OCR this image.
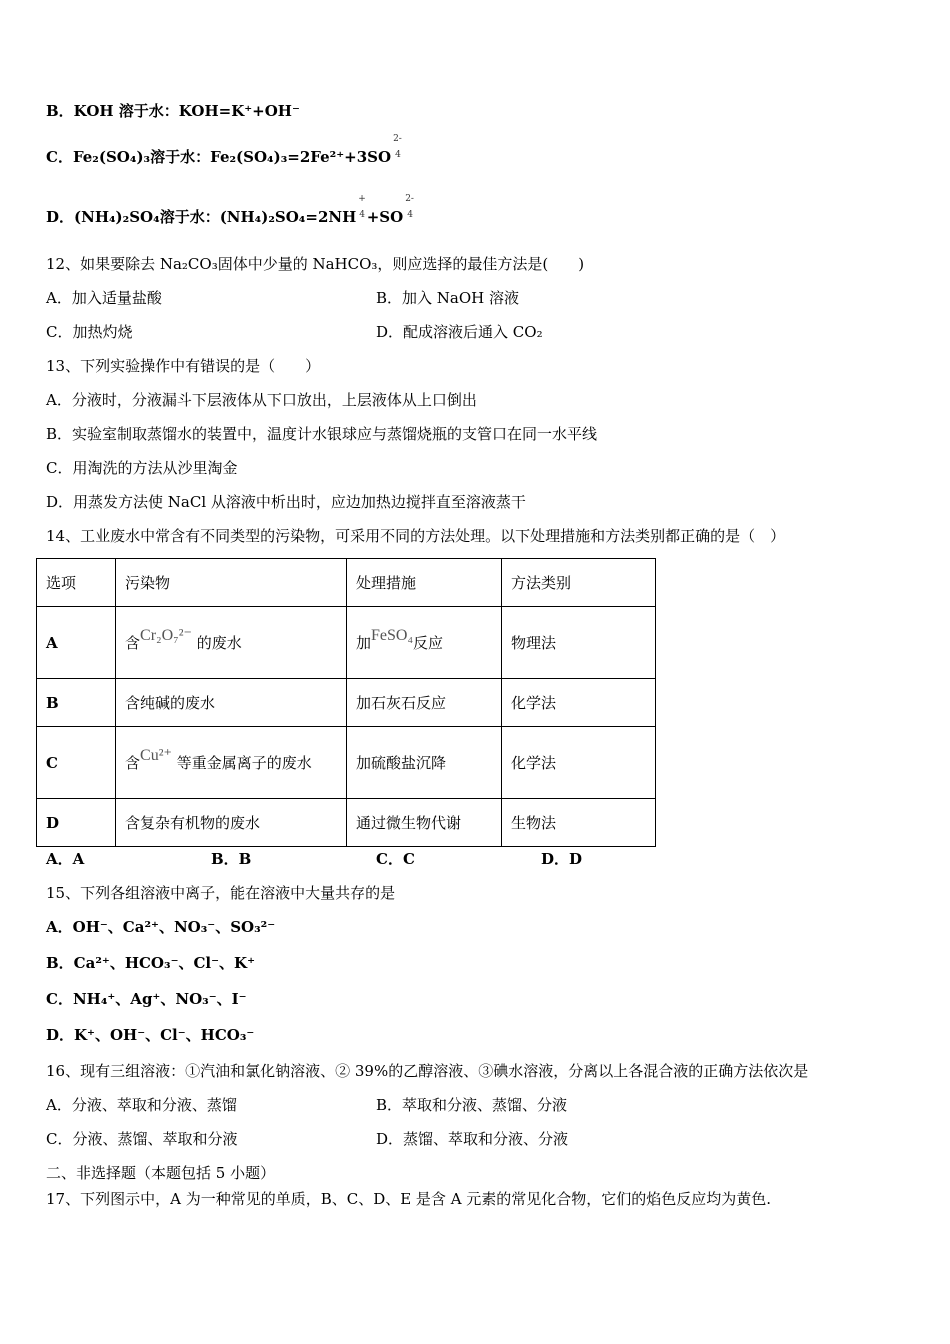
B．KOH 溶于水：KOH=K⁺+OH⁻
C．Fe₂(SO₄)₃溶于水：Fe₂(SO₄)₃=2Fe²⁺+3SO
2-
4

D．(NH₄)₂SO₄溶于水：(NH₄)₂SO₄=2NH
+
4 +SO
2-
4

12、如果要除去 Na₂CO₃固体中少量的 NaHCO₃，则应选择的最佳方法是(　　)
A．加入适量盐酸	B．加入 NaOH 溶液
C．加热灼烧	D．配成溶液后通入 CO₂
13、下列实验操作中有错误的是（　　）
A．分液时，分液漏斗下层液体从下口放出，上层液体从上口倒出
B．实验室制取蒸馏水的装置中，温度计水银球应与蒸馏烧瓶的支管口在同一水平线
C．用淘洗的方法从沙里淘金
D．用蒸发方法使 NaCl 从溶液中析出时，应边加热边搅拌直至溶液蒸干
14、工业废水中常含有不同类型的污染物，可采用不同的方法处理。以下处理措施和方法类别都正确的是（　）
选项	污染物	处理措施	方法类别
A	含Cr₂O₇²⁻ 的废水	加FeSO₄反应	物理法
B	含纯碱的废水	加石灰石反应	化学法
C	含Cu²⁺ 等重金属离子的废水	加硫酸盐沉降	化学法
D	含复杂有机物的废水	通过微生物代谢	生物法
A．A	B．B	C．C	D．D
15、下列各组溶液中离子，能在溶液中大量共存的是
A．OH⁻、Ca²⁺、NO₃⁻、SO₃²⁻
B．Ca²⁺、HCO₃⁻、Cl⁻、K⁺
C．NH₄⁺、Ag⁺、NO₃⁻、I⁻
D．K⁺、OH⁻、Cl⁻、HCO₃⁻
16、现有三组溶液：①汽油和氯化钠溶液、② 39%的乙醇溶液、③碘水溶液，分离以上各混合液的正确方法依次是
A．分液、萃取和分液、蒸馏	B．萃取和分液、蒸馏、分液
C．分液、蒸馏、萃取和分液	D．蒸馏、萃取和分液、分液
二、非选择题（本题包括 5 小题）
17、下列图示中，A 为一种常见的单质，B、C、D、E 是含 A 元素的常见化合物，它们的焰色反应均为黄色.
